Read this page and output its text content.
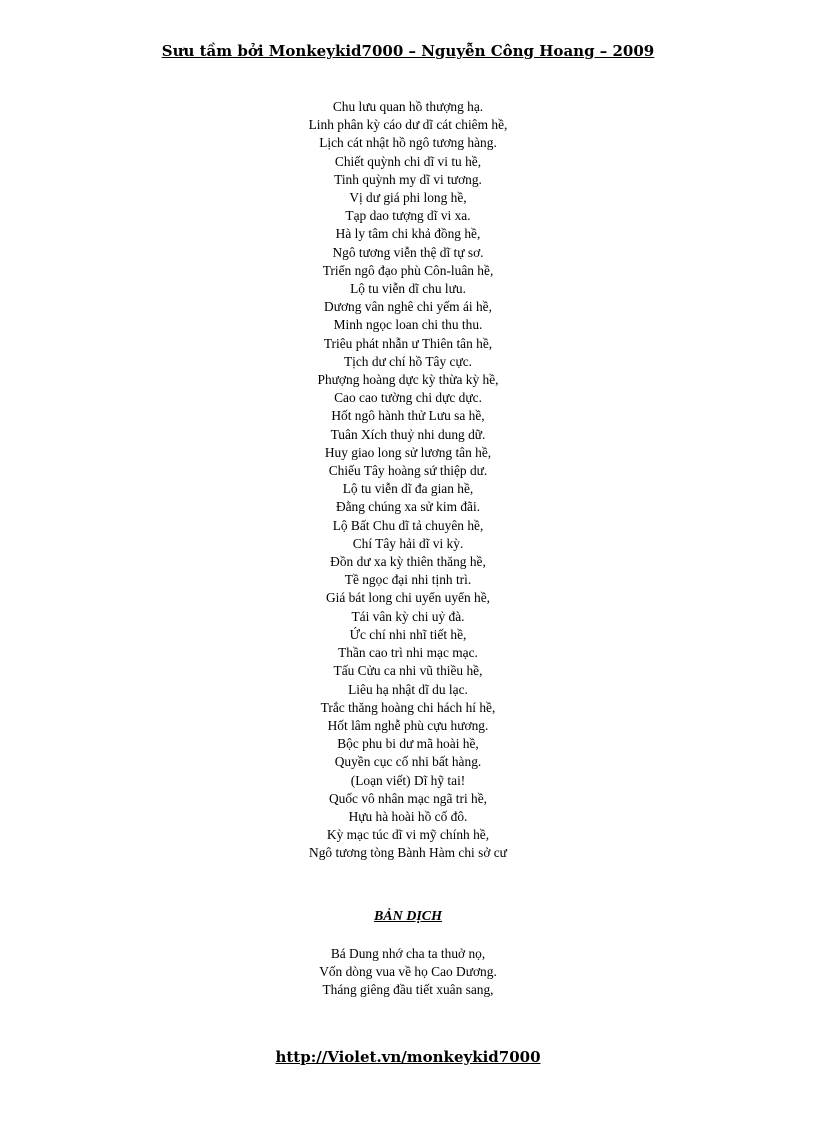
Sưu tầm bởi Monkeykid7000 – Nguyễn Công Hoang – 2009
Chu lưu quan hồ thượng hạ.
Linh phân kỳ cáo dư dĩ cát chiêm hề,
Lịch cát nhật hồ ngô tương hàng.
Chiết quỳnh chi dĩ vi tu hề,
Tinh quỳnh my dĩ vi tương.
Vị dư giá phi long hề,
Tạp dao tượng dĩ vi xa.
Hà ly tâm chi khả đồng hề,
Ngô tương viễn thệ dĩ tự sơ.
Triển ngô đạo phù Côn-luân hề,
Lộ tu viễn dĩ chu lưu.
Dương vân nghê chi yếm ái hề,
Minh ngọc loan chi thu thu.
Triêu phát nhẫn ư Thiên tân hề,
Tịch dư chí hồ Tây cực.
Phượng hoàng dực kỳ thừa kỳ hề,
Cao cao tường chi dực dực.
Hốt ngô hành thử Lưu sa hề,
Tuân Xích thuỷ nhi dung dữ.
Huy giao long sử lương tân hề,
Chiếu Tây hoàng sứ thiệp dư.
Lộ tu viễn dĩ đa gian hề,
Đằng chúng xa sử kim đãi.
Lộ Bất Chu dĩ tả chuyên hề,
Chí Tây hải dĩ vi kỳ.
Đồn dư xa kỳ thiên thăng hề,
Tề ngọc đại nhi tịnh trì.
Giá bát long chi uyển uyển hề,
Tái vân kỳ chi uỷ đà.
Ức chí nhi nhĩ tiết hề,
Thần cao trì nhi mạc mạc.
Tấu Cửu ca nhi vũ thiều hề,
Liêu hạ nhật dĩ du lạc.
Trắc thăng hoàng chi hách hí hề,
Hốt lâm nghễ phù cựu hương.
Bộc phu bi dư mã hoài hề,
Quyền cục cố nhi bất hàng.
(Loạn viết) Dĩ hỹ tai!
Quốc vô nhân mạc ngã tri hề,
Hựu hà hoài hồ cố đô.
Kỳ mạc túc dĩ vi mỹ chính hề,
Ngô tương tòng Bành Hàm chi sở cư
BẢN DỊCH
Bá Dung nhớ cha ta thuở nọ,
Vốn dòng vua về họ Cao Dương.
Tháng giêng đầu tiết xuân sang,
http://Violet.vn/monkeykid7000
